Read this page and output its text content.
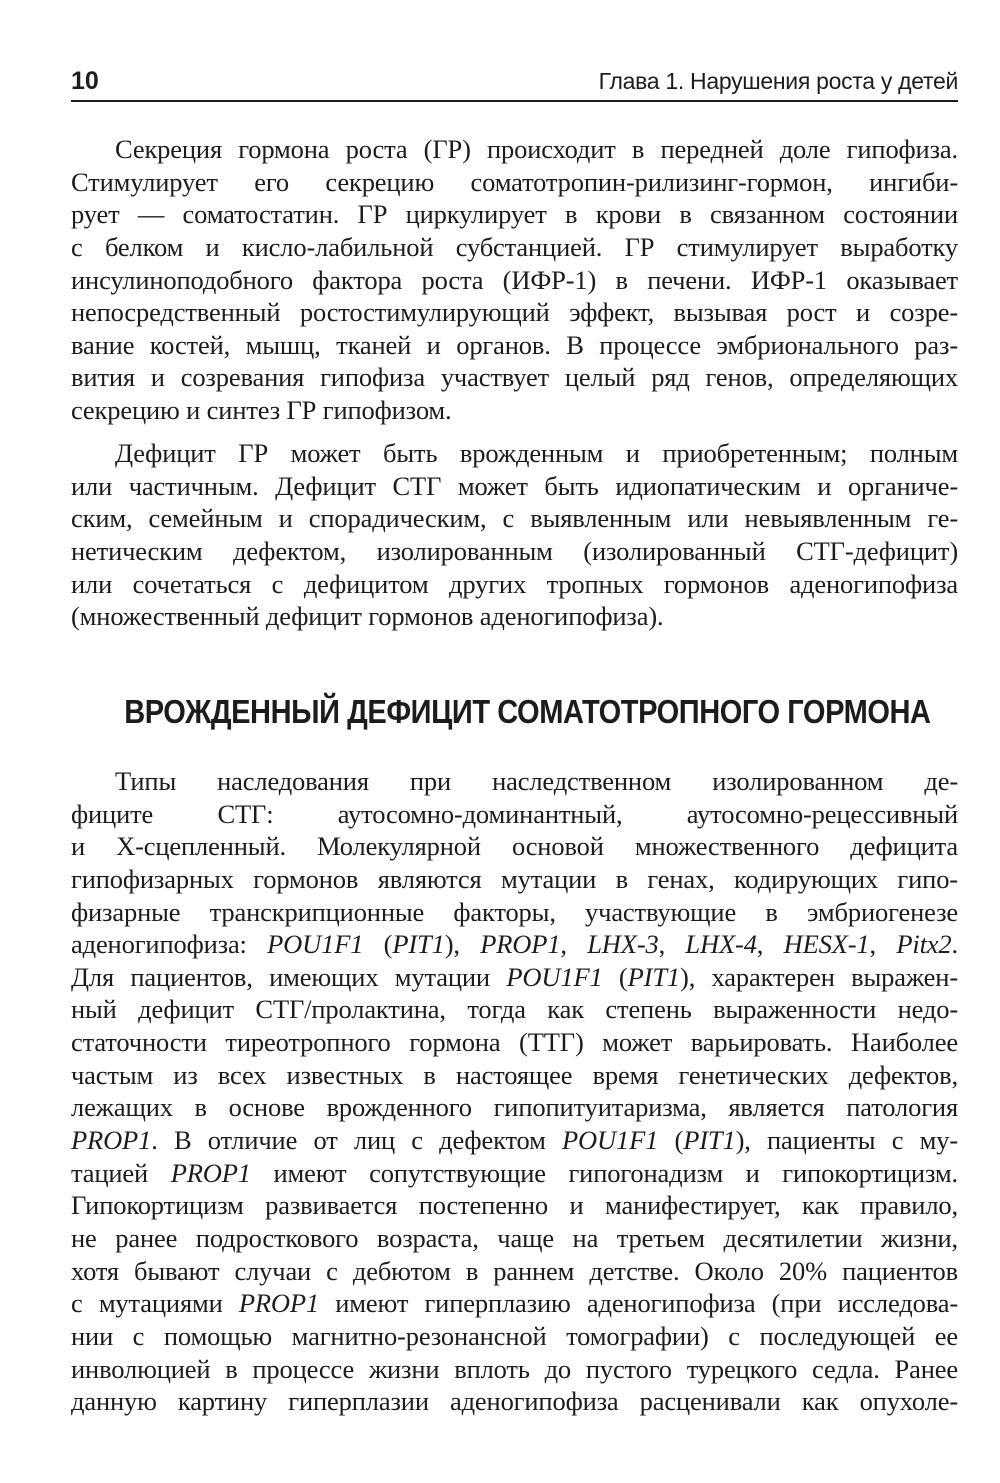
10	Глава 1. Нарушения роста у детей
Секреция гормона роста (ГР) происходит в передней доле гипофиза.
Стимулирует его секрецию соматотропин-рилизинг-гормон, ингиби-
рует — соматостатин. ГР циркулирует в крови в связанном состоянии
с белком и кисло-лабильной субстанцией. ГР стимулирует выработку
инсулиноподобного фактора роста (ИФР-1) в печени. ИФР-1 оказывает
непосредственный ростостимулирующий эффект, вызывая рост и созре-
вание костей, мышц, тканей и органов. В процессе эмбрионального раз-
вития и созревания гипофиза участвует целый ряд генов, определяющих
секрецию и синтез ГР гипофизом.
Дефицит ГР может быть врожденным и приобретенным; полным
или частичным. Дефицит СТГ может быть идиопатическим и органиче-
ским, семейным и спорадическим, с выявленным или невыявленным ге-
нетическим дефектом, изолированным (изолированный СТГ-дефицит)
или сочетаться с дефицитом других тропных гормонов аденогипофиза
(множественный дефицит гормонов аденогипофиза).
ВРОЖДЕННЫЙ ДЕФИЦИТ СОМАТОТРОПНОГО ГОРМОНА
Типы наследования при наследственном изолированном де-
фиците СТГ: аутосомно-доминантный, аутосомно-рецессивный
и Х-сцепленный. Молекулярной основой множественного дефицита
гипофизарных гормонов являются мутации в генах, кодирующих гипо-
физарные транскрипционные факторы, участвующие в эмбриогенезе
аденогипофиза: POU1F1 (PIT1), PROP1, LHX-3, LHX-4, HESX-1, Pitx2.
Для пациентов, имеющих мутации POU1F1 (PIT1), характерен выражен-
ный дефицит СТГ/пролактина, тогда как степень выраженности недо-
статочности тиреотропного гормона (ТТГ) может варьировать. Наиболее
частым из всех известных в настоящее время генетических дефектов,
лежащих в основе врожденного гипопитуитаризма, является патология
PROP1. В отличие от лиц с дефектом POU1F1 (PIT1), пациенты с му-
тацией PROP1 имеют сопутствующие гипогонадизм и гипокортицизм.
Гипокортицизм развивается постепенно и манифестирует, как правило,
не ранее подросткового возраста, чаще на третьем десятилетии жизни,
хотя бывают случаи с дебютом в раннем детстве. Около 20% пациентов
с мутациями PROP1 имеют гиперплазию аденогипофиза (при исследова-
нии с помощью магнитно-резонансной томографии) с последующей ее
инволюцией в процессе жизни вплоть до пустого турецкого седла. Ранее
данную картину гиперплазии аденогипофиза расценивали как опухоле-
